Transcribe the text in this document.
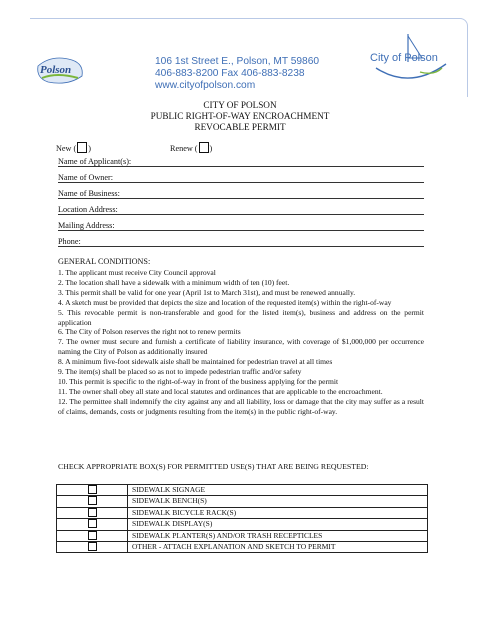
Polson
106 1st Street E., Polson, MT 59860
406-883-8200 Fax 406-883-8238
www.cityofpolson.com
City of Polson
CITY OF POLSON
PUBLIC RIGHT-OF-WAY ENCROACHMENT
REVOCABLE PERMIT
New ( )	Renew ( )
Name of Applicant(s):
Name of Owner:
Name of Business:
Location Address:
Mailing Address:
Phone:
GENERAL CONDITIONS:
1. The applicant must receive City Council approval
2. The location shall have a sidewalk with a minimum width of ten (10) feet.
3. This permit shall be valid for one year (April 1st to March 31st), and must be renewed annually.
4. A sketch must be provided that depicts the size and location of the requested item(s) within the right-of-way
5. This revocable permit is non-transferable and good for the listed item(s), business and address on the permit application
6. The City of Polson reserves the right not to renew permits
7. The owner must secure and furnish a certificate of liability insurance, with coverage of $1,000,000 per occurrence naming the City of Polson as additionally insured
8. A minimum five-foot sidewalk aisle shall be maintained for pedestrian travel at all times
9. The item(s) shall be placed so as not to impede pedestrian traffic and/or safety
10. This permit is specific to the right-of-way in front of the business applying for the permit
11. The owner shall obey all state and local statutes and ordinances that are applicable to the encroachment.
12. The permittee shall indemnify the city against any and all liability, loss or damage that the city may suffer as a result of claims, demands, costs or judgments resulting from the item(s) in the public right-of-way.
CHECK APPROPRIATE BOX(S) FOR PERMITTED USE(S) THAT ARE BEING REQUESTED:
	SIDEWALK SIGNAGE
	SIDEWALK BENCH(S)
	SIDEWALK BICYCLE RACK(S)
	SIDEWALK DISPLAY(S)
	SIDEWALK PLANTER(S) AND/OR TRASH RECEPTICLES
	OTHER - ATTACH EXPLANATION AND SKETCH TO PERMIT
